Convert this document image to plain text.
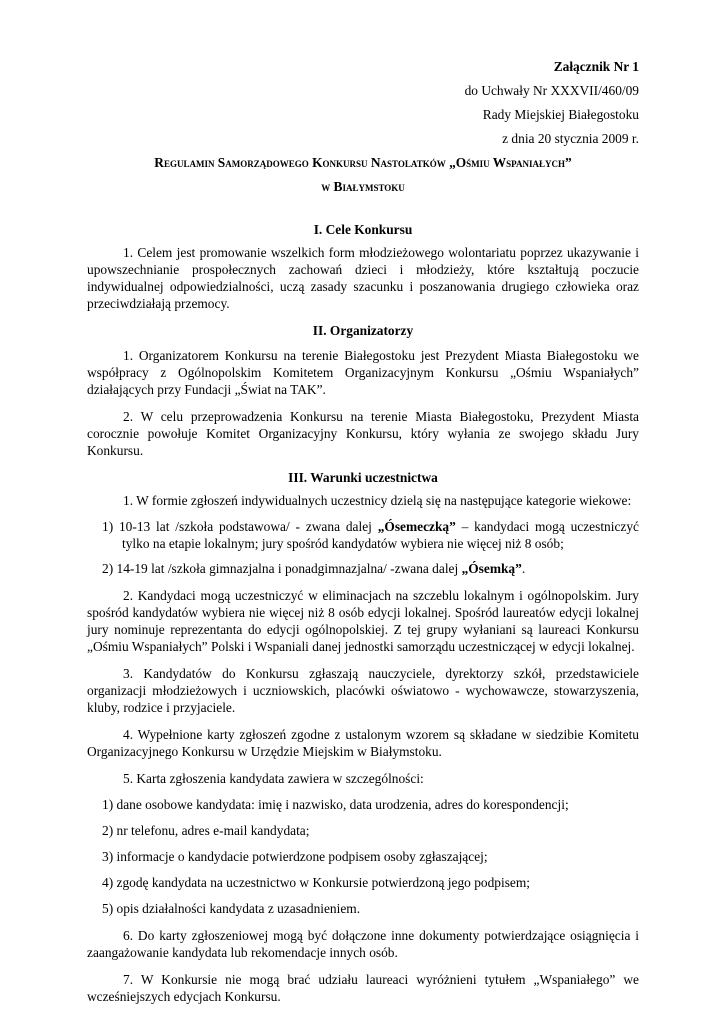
Załącznik Nr 1

do Uchwały Nr XXXVII/460/09

Rady Miejskiej Białegostoku

z dnia 20 stycznia 2009 r.

Regulamin Samorządowego Konkursu Nastolatków „Ośmiu Wspaniałych”

w Białymstoku

I. Cele Konkursu

1. Celem jest promowanie wszelkich form młodzieżowego wolontariatu poprzez ukazywanie i upowszechnianie prospołecznych zachowań dzieci i młodzieży, które kształtują poczucie indywidualnej odpowiedzialności, uczą zasady szacunku i poszanowania drugiego człowieka oraz przeciwdziałają przemocy.

II. Organizatorzy

1. Organizatorem Konkursu na terenie Białegostoku jest Prezydent Miasta Białegostoku we współpracy z Ogólnopolskim Komitetem Organizacyjnym Konkursu „Ośmiu Wspaniałych” działających przy Fundacji „Świat na TAK”.

2. W celu przeprowadzenia Konkursu na terenie Miasta Białegostoku, Prezydent Miasta corocznie powołuje Komitet Organizacyjny Konkursu, który wyłania ze swojego składu Jury Konkursu.

III. Warunki uczestnictwa

1. W formie zgłoszeń indywidualnych uczestnicy dzielą się na następujące kategorie wiekowe:

1) 10-13 lat /szkoła podstawowa/ - zwana dalej „Ósemeczką” – kandydaci mogą uczestniczyć tylko na etapie lokalnym; jury spośród kandydatów wybiera nie więcej niż 8 osób;

2) 14-19 lat /szkoła gimnazjalna i ponadgimnazjalna/ -zwana dalej „Ósemką”.

2. Kandydaci mogą uczestniczyć w eliminacjach na szczeblu lokalnym i ogólnopolskim. Jury spośród kandydatów wybiera nie więcej niż 8 osób edycji lokalnej. Spośród laureatów edycji lokalnej jury nominuje reprezentanta do edycji ogólnopolskiej. Z tej grupy wyłaniani są laureaci Konkursu „Ośmiu Wspaniałych” Polski i Wspaniali danej jednostki samorządu uczestniczącej w edycji lokalnej.

3. Kandydatów do Konkursu zgłaszają nauczyciele, dyrektorzy szkół, przedstawiciele organizacji młodzieżowych i uczniowskich, placówki oświatowo - wychowawcze, stowarzyszenia, kluby, rodzice i przyjaciele.

4. Wypełnione karty zgłoszeń zgodne z ustalonym wzorem są składane w siedzibie Komitetu Organizacyjnego Konkursu w Urzędzie Miejskim w Białymstoku.

5. Karta zgłoszenia kandydata zawiera w szczególności:

1) dane osobowe kandydata: imię i nazwisko, data urodzenia, adres do korespondencji;

2) nr telefonu, adres e-mail kandydata;

3) informacje o kandydacie potwierdzone podpisem osoby zgłaszającej;

4) zgodę kandydata na uczestnictwo w Konkursie potwierdzoną jego podpisem;

5) opis działalności kandydata z uzasadnieniem.

6. Do karty zgłoszeniowej mogą być dołączone inne dokumenty potwierdzające osiągnięcia i zaangażowanie kandydata lub rekomendacje innych osób.

7. W Konkursie nie mogą brać udziału laureaci wyróżnieni tytułem „Wspaniałego” we wcześniejszych edycjach Konkursu.
